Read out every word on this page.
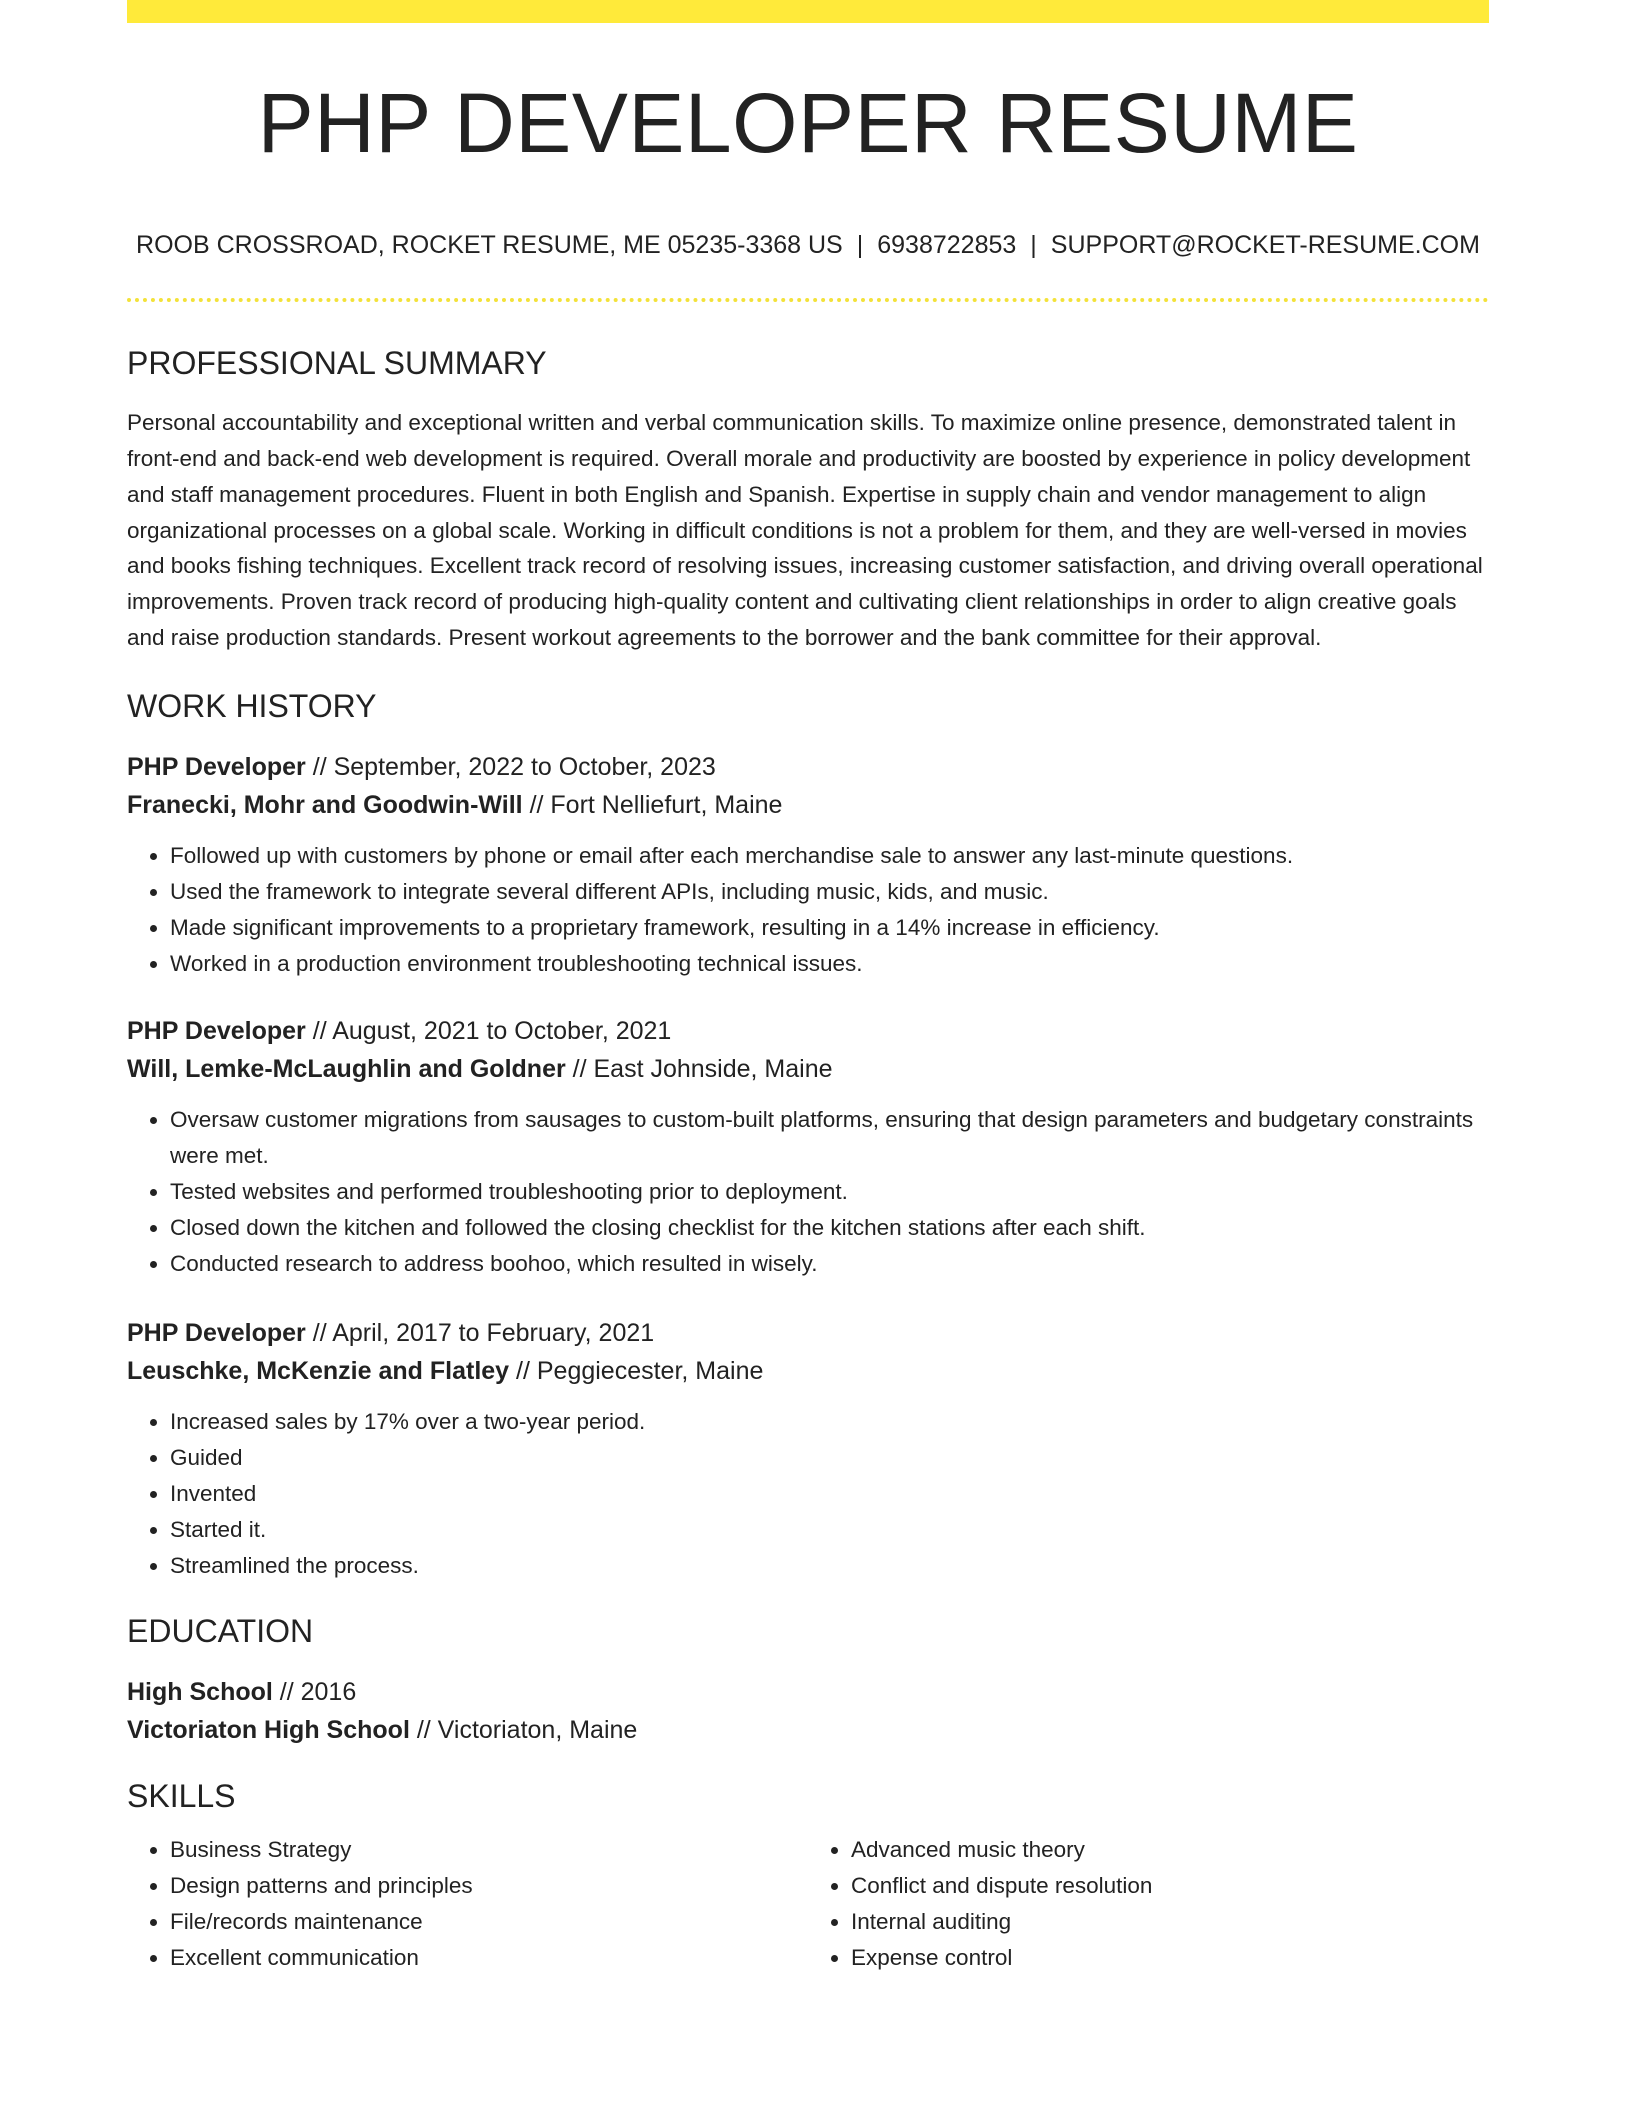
PHP DEVELOPER RESUME
ROOB CROSSROAD, ROCKET RESUME, ME 05235-3368 US | 6938722853 | SUPPORT@ROCKET-RESUME.COM
PROFESSIONAL SUMMARY
Personal accountability and exceptional written and verbal communication skills. To maximize online presence, demonstrated talent in front-end and back-end web development is required. Overall morale and productivity are boosted by experience in policy development and staff management procedures. Fluent in both English and Spanish. Expertise in supply chain and vendor management to align organizational processes on a global scale. Working in difficult conditions is not a problem for them, and they are well-versed in movies and books fishing techniques. Excellent track record of resolving issues, increasing customer satisfaction, and driving overall operational improvements. Proven track record of producing high-quality content and cultivating client relationships in order to align creative goals and raise production standards. Present workout agreements to the borrower and the bank committee for their approval.
WORK HISTORY
PHP Developer // September, 2022 to October, 2023
Franecki, Mohr and Goodwin-Will // Fort Nelliefurt, Maine
• Followed up with customers by phone or email after each merchandise sale to answer any last-minute questions.
• Used the framework to integrate several different APIs, including music, kids, and music.
• Made significant improvements to a proprietary framework, resulting in a 14% increase in efficiency.
• Worked in a production environment troubleshooting technical issues.
PHP Developer // August, 2021 to October, 2021
Will, Lemke-McLaughlin and Goldner // East Johnside, Maine
• Oversaw customer migrations from sausages to custom-built platforms, ensuring that design parameters and budgetary constraints were met.
• Tested websites and performed troubleshooting prior to deployment.
• Closed down the kitchen and followed the closing checklist for the kitchen stations after each shift.
• Conducted research to address boohoo, which resulted in wisely.
PHP Developer // April, 2017 to February, 2021
Leuschke, McKenzie and Flatley // Peggiecester, Maine
• Increased sales by 17% over a two-year period.
• Guided
• Invented
• Started it.
• Streamlined the process.
EDUCATION
High School // 2016
Victoriaton High School // Victoriaton, Maine
SKILLS
• Business Strategy
• Design patterns and principles
• File/records maintenance
• Excellent communication
• Advanced music theory
• Conflict and dispute resolution
• Internal auditing
• Expense control
